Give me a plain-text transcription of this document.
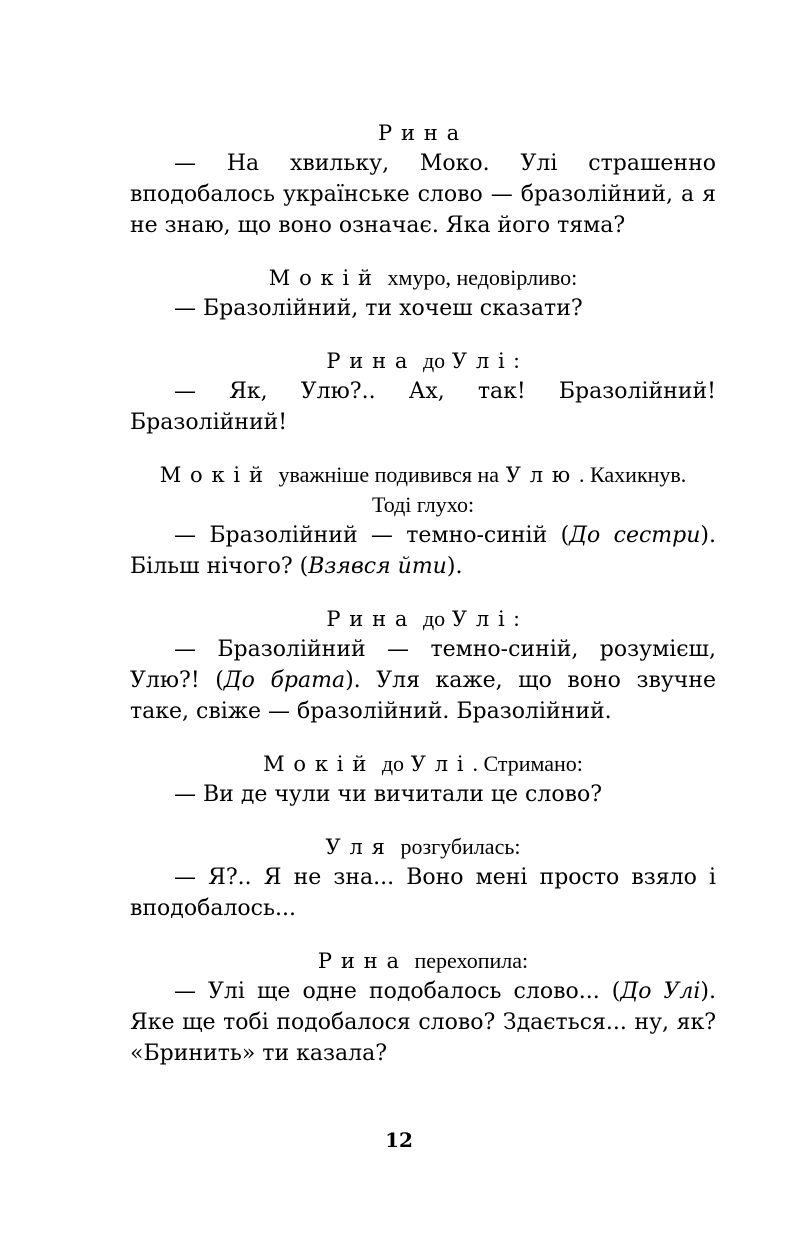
Рина

— На хвильку, Моко. Улі страшенно вподобалось українське слово — бразолійний, а я не знаю, що воно означає. Яка його тяма?

Мокій хмуро, недовірливо:

— Бразолійний, ти хочеш сказати?

Рина до Улі:

— Як, Улю?.. Ах, так! Бразолійний! Бразолійний!

Мокій уважніше подивився на Улю. Кахикнув.

Тоді глухо:

— Бразолійний — темно-синій (До сестри). Більш нічого? (Взявся йти).

Рина до Улі:

— Бразолійний — темно-синій, розумієш, Улю?! (До брата). Уля каже, що воно звучне таке, свіже — бразолійний. Бразолійний.

Мокій до Улі. Стримано:

— Ви де чули чи вичитали це слово?

Уля розгубилась:

— Я?.. Я не зна... Воно мені просто взяло і вподобалось...

Рина перехопила:

— Улі ще одне подобалось слово... (До Улі). Яке ще тобі подобалося слово? Здається... ну, як? «Бринить» ти казала?

12
